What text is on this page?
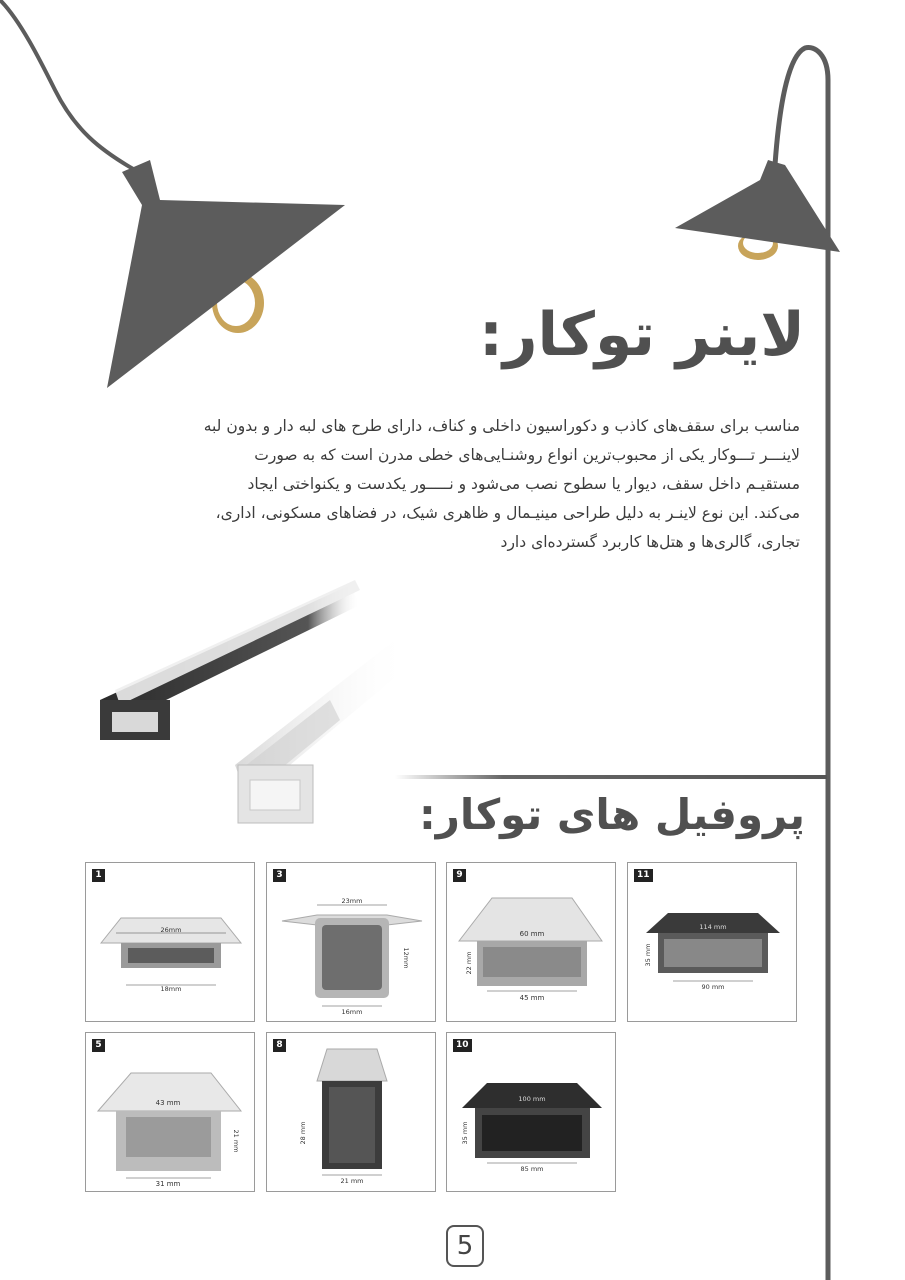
لاینر توکار:

مناسب برای سقف‌های کاذب و دکوراسیون داخلی و کناف، دارای طرح های لبه دار و بدون لبه

لاین‍ـــر ت‍ـــوکار یکی از محبوب‌ترین انواع روشن‍ـایی‌های خطی مدرن است که به صورت

مستقی‍ـم داخل سقف، دیوار یا سطوح نصب می‌شود و ن‍ـــــور یکدست و یکنواختی ایجاد

می‌کند. این نوع لاین‍ـر به دلیل طراحی مینی‍ـمال و ظاهری شیک، در فضاهای مسکونی، اداری،

تجاری، گالری‌ها و هتل‌ها کاربرد گسترده‌ای دارد

پروفیل های توکار:
26mm
18mm
1
23mm
16mm
12mm
3
60 mm
45 mm
22 mm
9
114 mm
90 mm
35 mm
11
43 mm
31 mm
21 mm
5
21 mm
28 mm
8
100 mm
85 mm
35 mm
10
5
